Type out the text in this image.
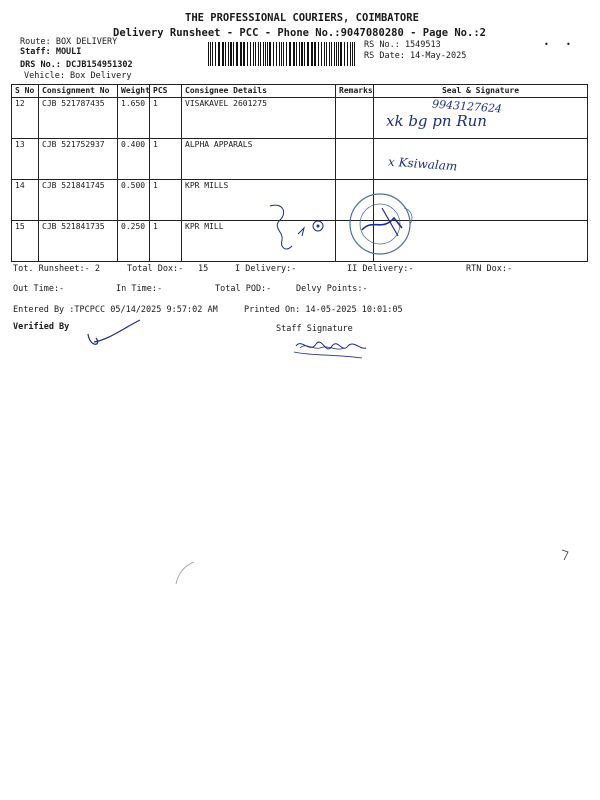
THE PROFESSIONAL COURIERS, COIMBATORE
Delivery Runsheet - PCC - Phone No.:9047080280 - Page No.:2
Route: BOX DELIVERY
Staff: MOULI
DRS No.: DCJB154951302
Vehicle: Box Delivery
RS No.: 1549513
RS Date: 14-May-2025
• •
S No	Consignment No	Weight	PCS	Consignee Details	Remarks	Seal & Signature
12	CJB 521787435	1.650	1	VISAKAVEL 2601275		
13	CJB 521752937	0.400	1	ALPHA APPARALS		
14	CJB 521841745	0.500	1	KPR MILLS		
15	CJB 521841735	0.250	1	KPR MILL		
9943127624
xk bg pn Run
x Ksiwalam
Tot. Runsheet:- 2	Total Dox:- 15	I Delivery:-	II Delivery:-	RTN Dox:-
Out Time:-	In Time:-	Total POD:-	Delvy Points:-
Entered By :TPCPCC 05/14/2025 9:57:02 AM	Printed On: 14-05-2025 10:01:05
Verified By	Staff Signature
